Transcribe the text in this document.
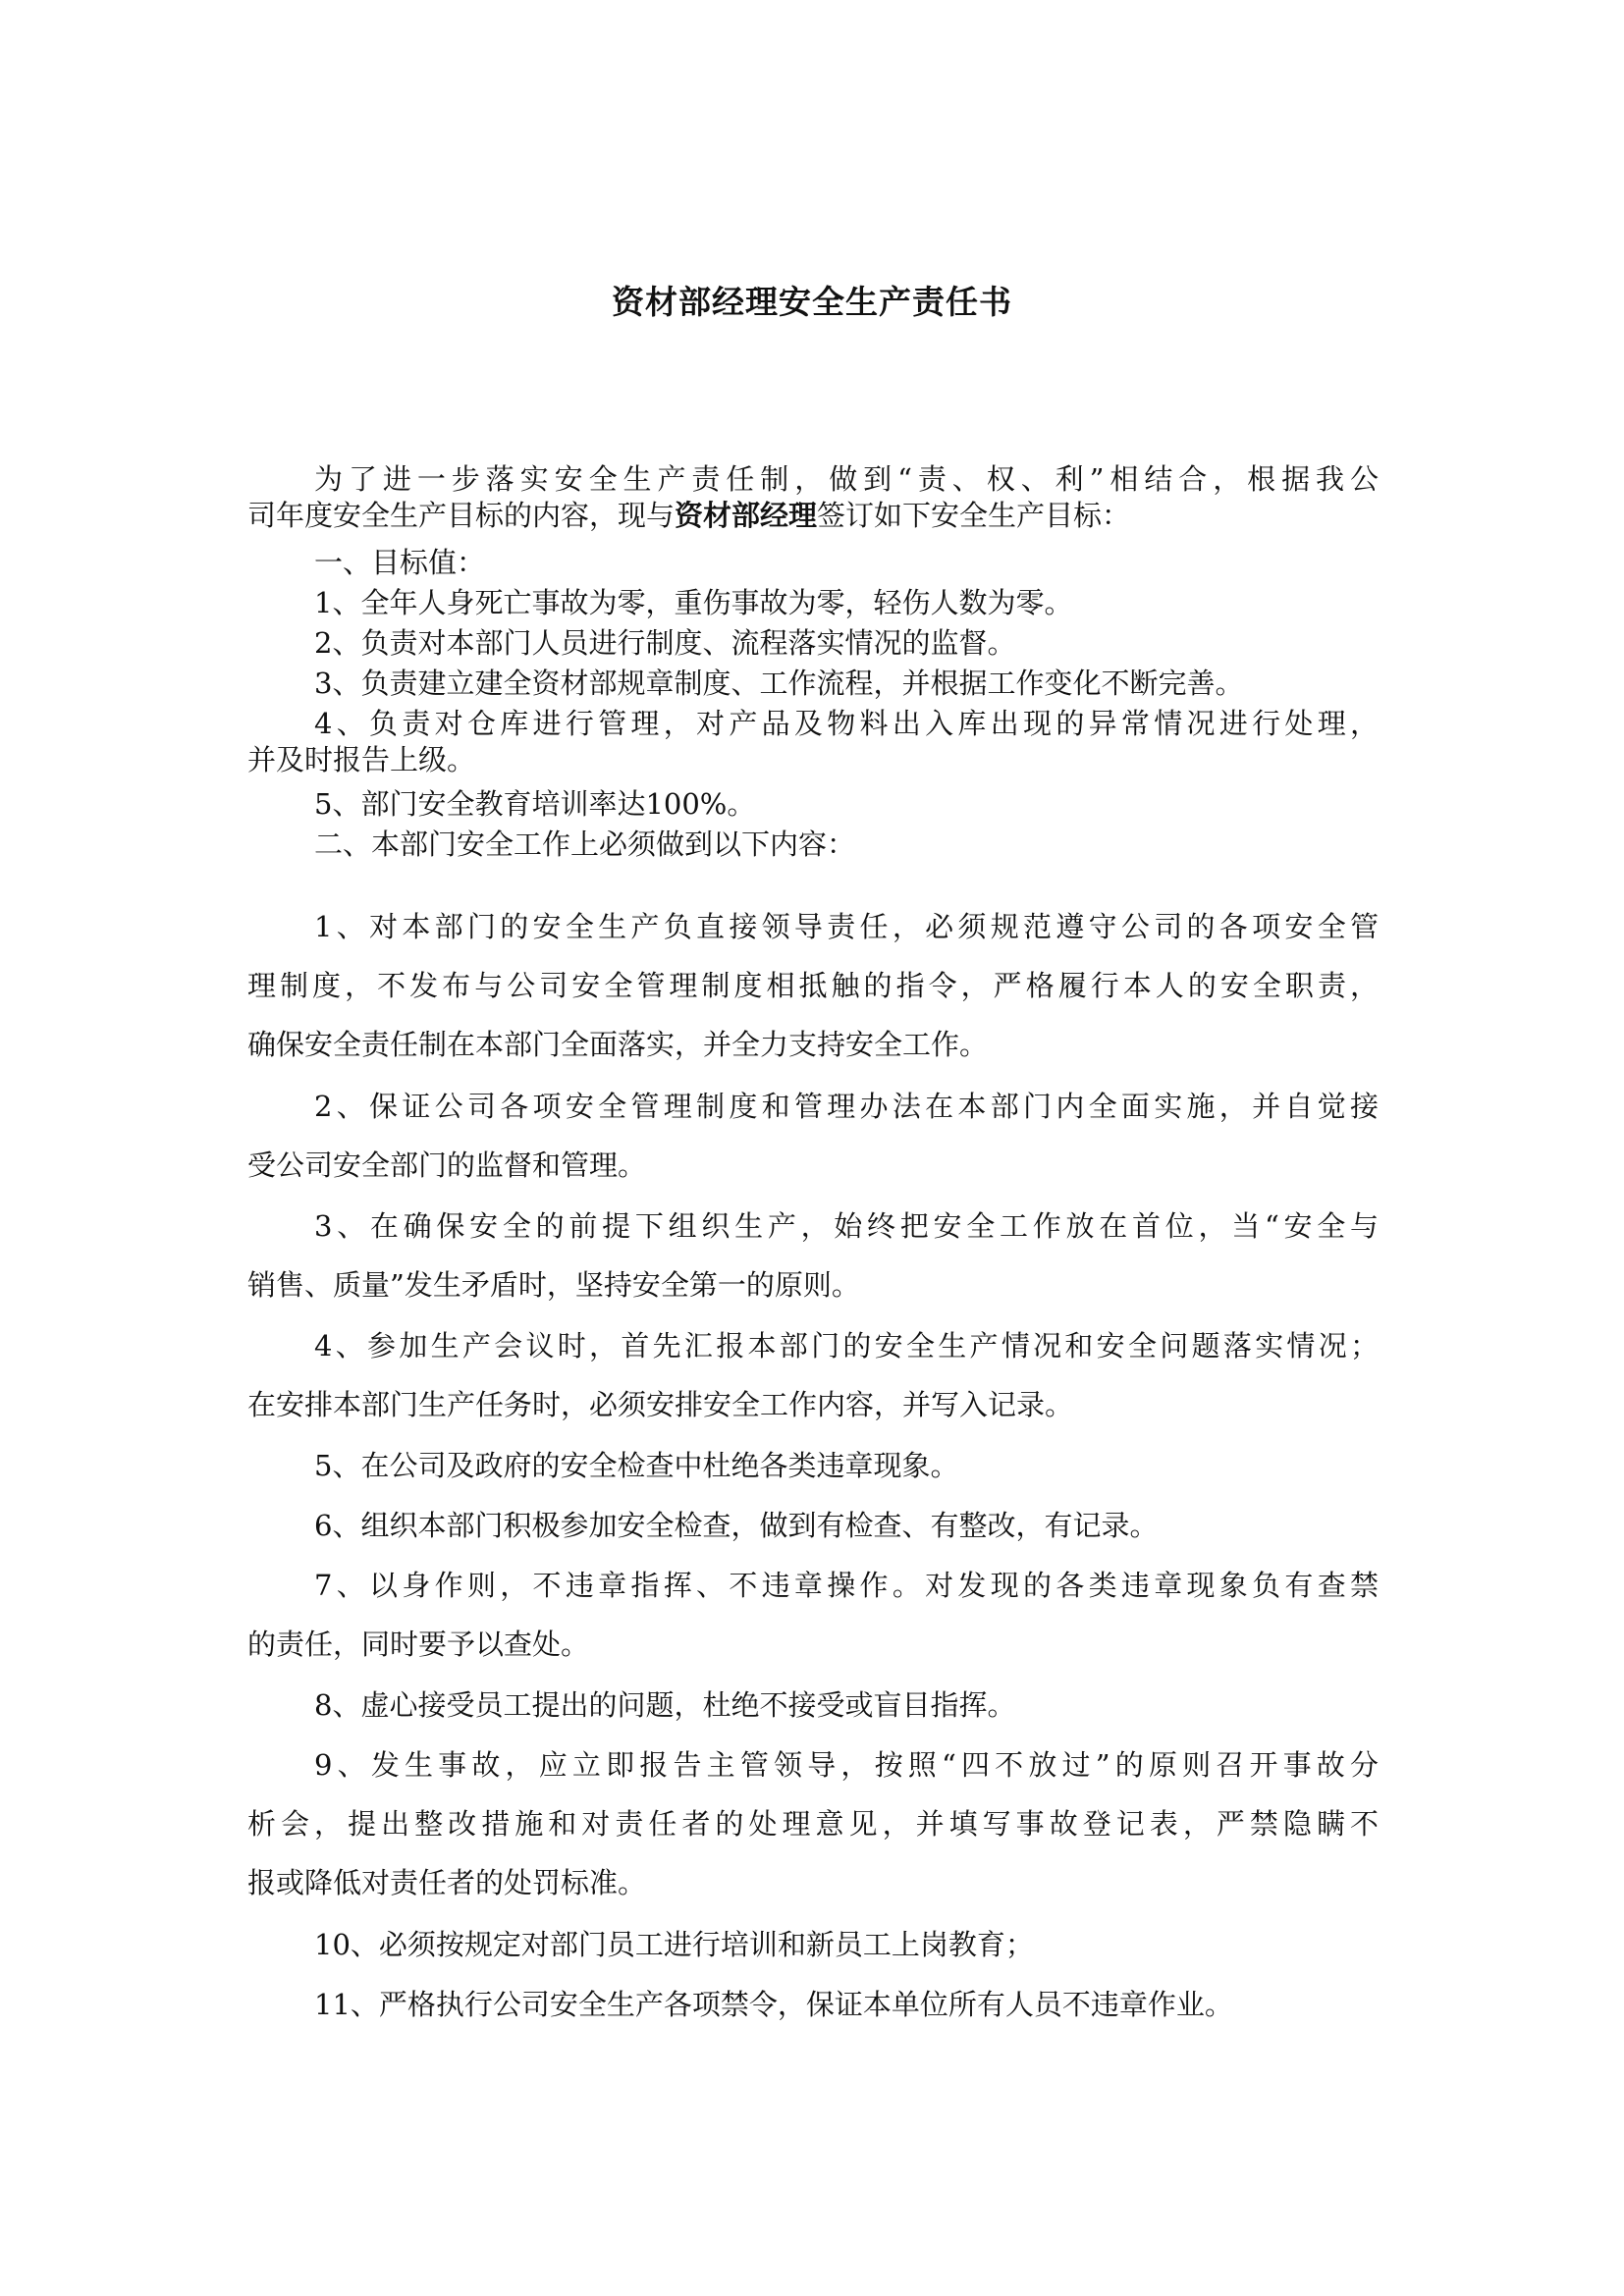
资材部经理安全生产责任书
为了进一步落实安全生产责任制，做到“责、权、利”相结合，根据我公
司年度安全生产目标的内容，现与资材部经理签订如下安全生产目标：
一、目标值：
1、全年人身死亡事故为零，重伤事故为零，轻伤人数为零。
2、负责对本部门人员进行制度、流程落实情况的监督。
3、负责建立建全资材部规章制度、工作流程，并根据工作变化不断完善。
4、负责对仓库进行管理，对产品及物料出入库出现的异常情况进行处理，
并及时报告上级。
5、部门安全教育培训率达100%。
二、本部门安全工作上必须做到以下内容：
1、对本部门的安全生产负直接领导责任，必须规范遵守公司的各项安全管
理制度，不发布与公司安全管理制度相抵触的指令，严格履行本人的安全职责，
确保安全责任制在本部门全面落实，并全力支持安全工作。
2、保证公司各项安全管理制度和管理办法在本部门内全面实施，并自觉接
受公司安全部门的监督和管理。
3、在确保安全的前提下组织生产，始终把安全工作放在首位，当“安全与
销售、质量”发生矛盾时，坚持安全第一的原则。
4、参加生产会议时，首先汇报本部门的安全生产情况和安全问题落实情况；
在安排本部门生产任务时，必须安排安全工作内容，并写入记录。
5、在公司及政府的安全检查中杜绝各类违章现象。
6、组织本部门积极参加安全检查，做到有检查、有整改，有记录。
7、以身作则，不违章指挥、不违章操作。对发现的各类违章现象负有查禁
的责任，同时要予以查处。
8、虚心接受员工提出的问题，杜绝不接受或盲目指挥。
9、发生事故，应立即报告主管领导，按照“四不放过”的原则召开事故分
析会，提出整改措施和对责任者的处理意见，并填写事故登记表，严禁隐瞒不
报或降低对责任者的处罚标准。
10、必须按规定对部门员工进行培训和新员工上岗教育；
11、严格执行公司安全生产各项禁令，保证本单位所有人员不违章作业。
